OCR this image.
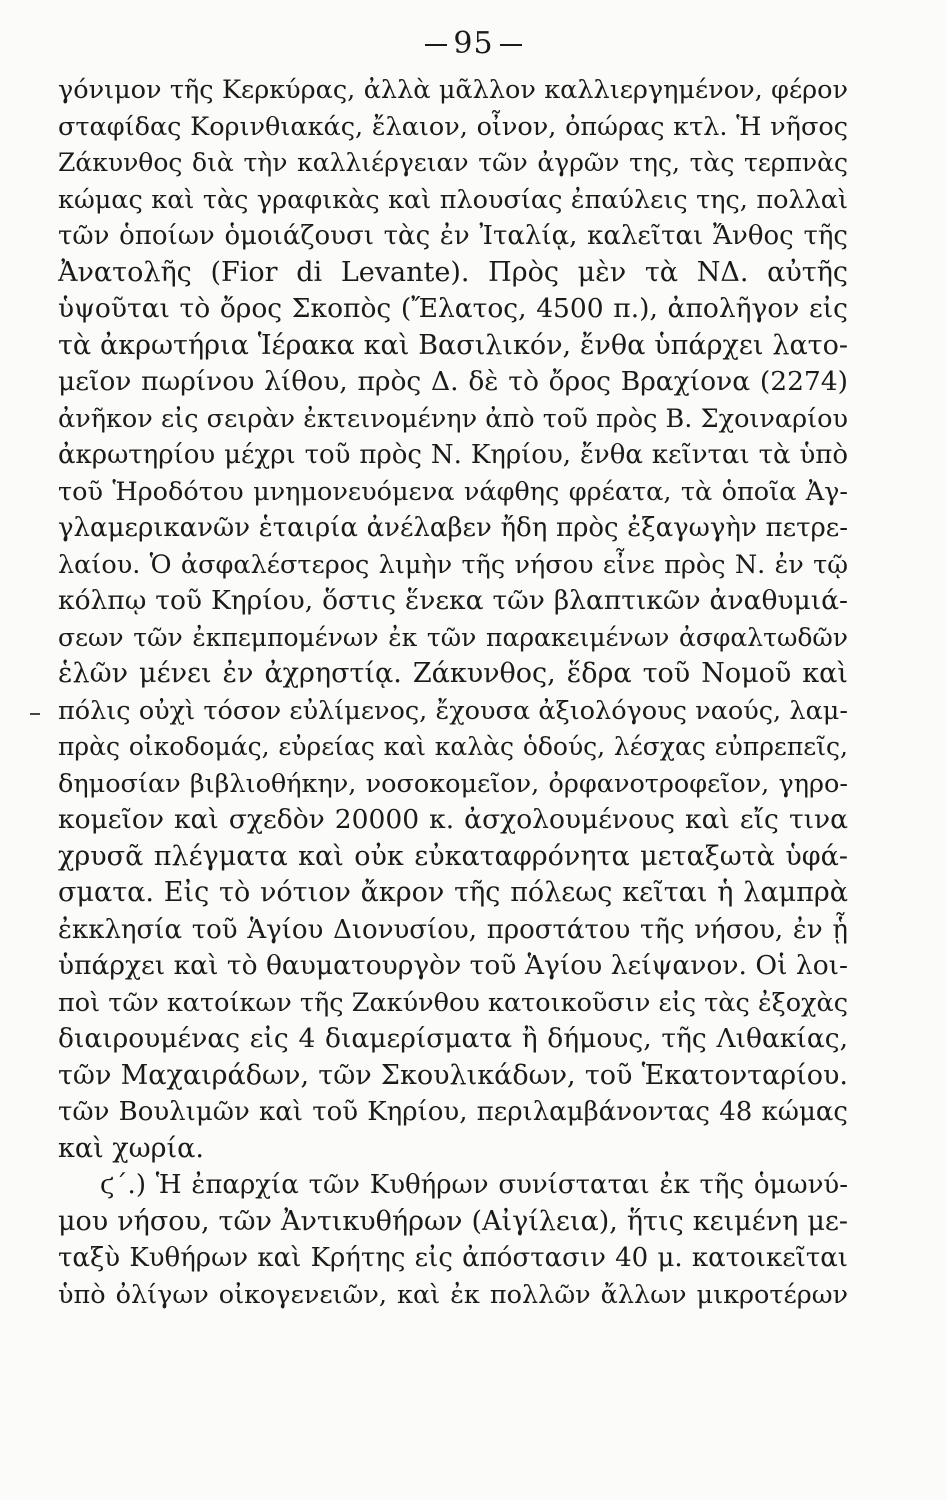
95
γόνιμον τῆς Κερκύρας, ἀλλὰ μᾶλλον καλλιεργημένον, φέρον
σταφίδας Κορινθιακάς, ἔλαιον, οἶνον, ὀπώρας κτλ. Ἡ νῆσος
Ζάκυνθος διὰ τὴν καλλιέργειαν τῶν ἀγρῶν της, τὰς τερπνὰς
κώμας καὶ τὰς γραφικὰς καὶ πλουσίας ἐπαύλεις της, πολλαὶ
τῶν ὁποίων ὁμοιάζουσι τὰς ἐν Ἰταλίᾳ, καλεῖται Ἄνθος τῆς
Ἀνατολῆς (Fior di Levante). Πρὸς μὲν τὰ ΝΔ. αὐτῆς
ὑψοῦται τὸ ὄρος Σκοπὸς (Ἔλατος, 4500 π.), ἀπολῆγον εἰς
τὰ ἀκρωτήρια Ἱέρακα καὶ Βασιλικόν, ἔνθα ὑπάρχει λατο-
μεῖον πωρίνου λίθου, πρὸς Δ. δὲ τὸ ὄρος Βραχίονα (2274)
ἀνῆκον εἰς σειρὰν ἐκτεινομένην ἀπὸ τοῦ πρὸς Β. Σχοιναρίου
ἀκρωτηρίου μέχρι τοῦ πρὸς Ν. Κηρίου, ἔνθα κεῖνται τὰ ὑπὸ
τοῦ Ἡροδότου μνημονευόμενα νάφθης φρέατα, τὰ ὁποῖα Ἀγ-
γλαμερικανῶν ἑταιρία ἀνέλαβεν ἤδη πρὸς ἐξαγωγὴν πετρε-
λαίου. Ὁ ἀσφαλέστερος λιμὴν τῆς νήσου εἶνε πρὸς Ν. ἐν τῷ
κόλπῳ τοῦ Κηρίου, ὅστις ἕνεκα τῶν βλαπτικῶν ἀναθυμιά-
σεων τῶν ἐκπεμπομένων ἐκ τῶν παρακειμένων ἀσφαλτωδῶν
ἑλῶν μένει ἐν ἀχρηστίᾳ. Ζάκυνθος, ἕδρα τοῦ Νομοῦ καὶ
πόλις οὐχὶ τόσον εὐλίμενος, ἔχουσα ἀξιολόγους ναούς, λαμ-
πρὰς οἰκοδομάς, εὐρείας καὶ καλὰς ὁδούς, λέσχας εὐπρεπεῖς,
δημοσίαν βιβλιοθήκην, νοσοκομεῖον, ὀρφανοτροφεῖον, γηρο-
κομεῖον καὶ σχεδὸν 20000 κ. ἀσχολουμένους καὶ εἴς τινα
χρυσᾶ πλέγματα καὶ οὐκ εὐκαταφρόνητα μεταξωτὰ ὑφά-
σματα. Εἰς τὸ νότιον ἄκρον τῆς πόλεως κεῖται ἡ λαμπρὰ
ἐκκλησία τοῦ Ἁγίου Διονυσίου, προστάτου τῆς νήσου, ἐν ᾗ
ὑπάρχει καὶ τὸ θαυματουργὸν τοῦ Ἁγίου λείψανον. Οἱ λοι-
ποὶ τῶν κατοίκων τῆς Ζακύνθου κατοικοῦσιν εἰς τὰς ἐξοχὰς
διαιρουμένας εἰς 4 διαμερίσματα ἢ δήμους, τῆς Λιθακίας,
τῶν Μαχαιράδων, τῶν Σκουλικάδων, τοῦ Ἑκατονταρίου.
τῶν Βουλιμῶν καὶ τοῦ Κηρίου, περιλαμβάνοντας 48 κώμας
καὶ χωρία.
ϛ΄.) Ἡ ἐπαρχία τῶν Κυθήρων συνίσταται ἐκ τῆς ὁμωνύ-
μου νήσου, τῶν Ἀντικυθήρων (Αἰγίλεια), ἥτις κειμένη με-
ταξὺ Κυθήρων καὶ Κρήτης εἰς ἀπόστασιν 40 μ. κατοικεῖται
ὑπὸ ὀλίγων οἰκογενειῶν, καὶ ἐκ πολλῶν ἄλλων μικροτέρων
